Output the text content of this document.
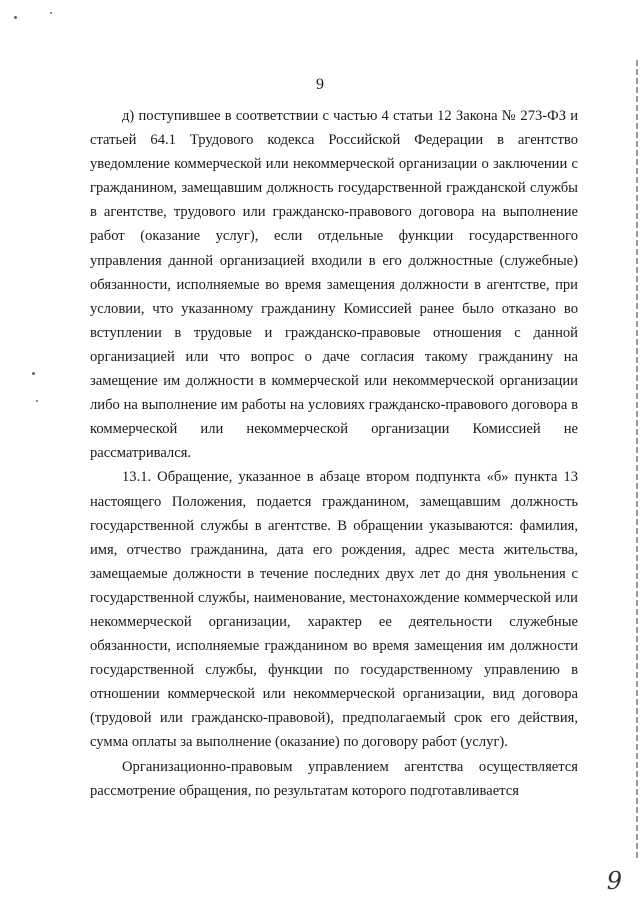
9

д) поступившее в соответствии с частью 4 статьи 12 Закона № 273-ФЗ и статьей 64.1 Трудового кодекса Российской Федерации в агентство уведомление коммерческой или некоммерческой организации о заключении с гражданином, замещавшим должность государственной гражданской службы в агентстве, трудового или гражданско-правового договора на выполнение работ (оказание услуг), если отдельные функции государственного управления данной организацией входили в его должностные (служебные) обязанности, исполняемые во время замещения должности в агентстве, при условии, что указанному гражданину Комиссией ранее было отказано во вступлении в трудовые и гражданско-правовые отношения с данной организацией или что вопрос о даче согласия такому гражданину на замещение им должности в коммерческой или некоммерческой организации либо на выполнение им работы на условиях гражданско-правового договора в коммерческой или некоммерческой организации Комиссией не рассматривался.

13.1. Обращение, указанное в абзаце втором подпункта «б» пункта 13 настоящего Положения, подается гражданином, замещавшим должность государственной службы в агентстве. В обращении указываются: фамилия, имя, отчество гражданина, дата его рождения, адрес места жительства, замещаемые должности в течение последних двух лет до дня увольнения с государственной службы, наименование, местонахождение коммерческой или некоммерческой организации, характер ее деятельности служебные обязанности, исполняемые гражданином во время замещения им должности государственной службы, функции по государственному управлению в отношении коммерческой или некоммерческой организации, вид договора (трудовой или гражданско-правовой), предполагаемый срок его действия, сумма оплаты за выполнение (оказание) по договору работ (услуг).

Организационно-правовым управлением агентства осуществляется рассмотрение обращения, по результатам которого подготавливается

9
